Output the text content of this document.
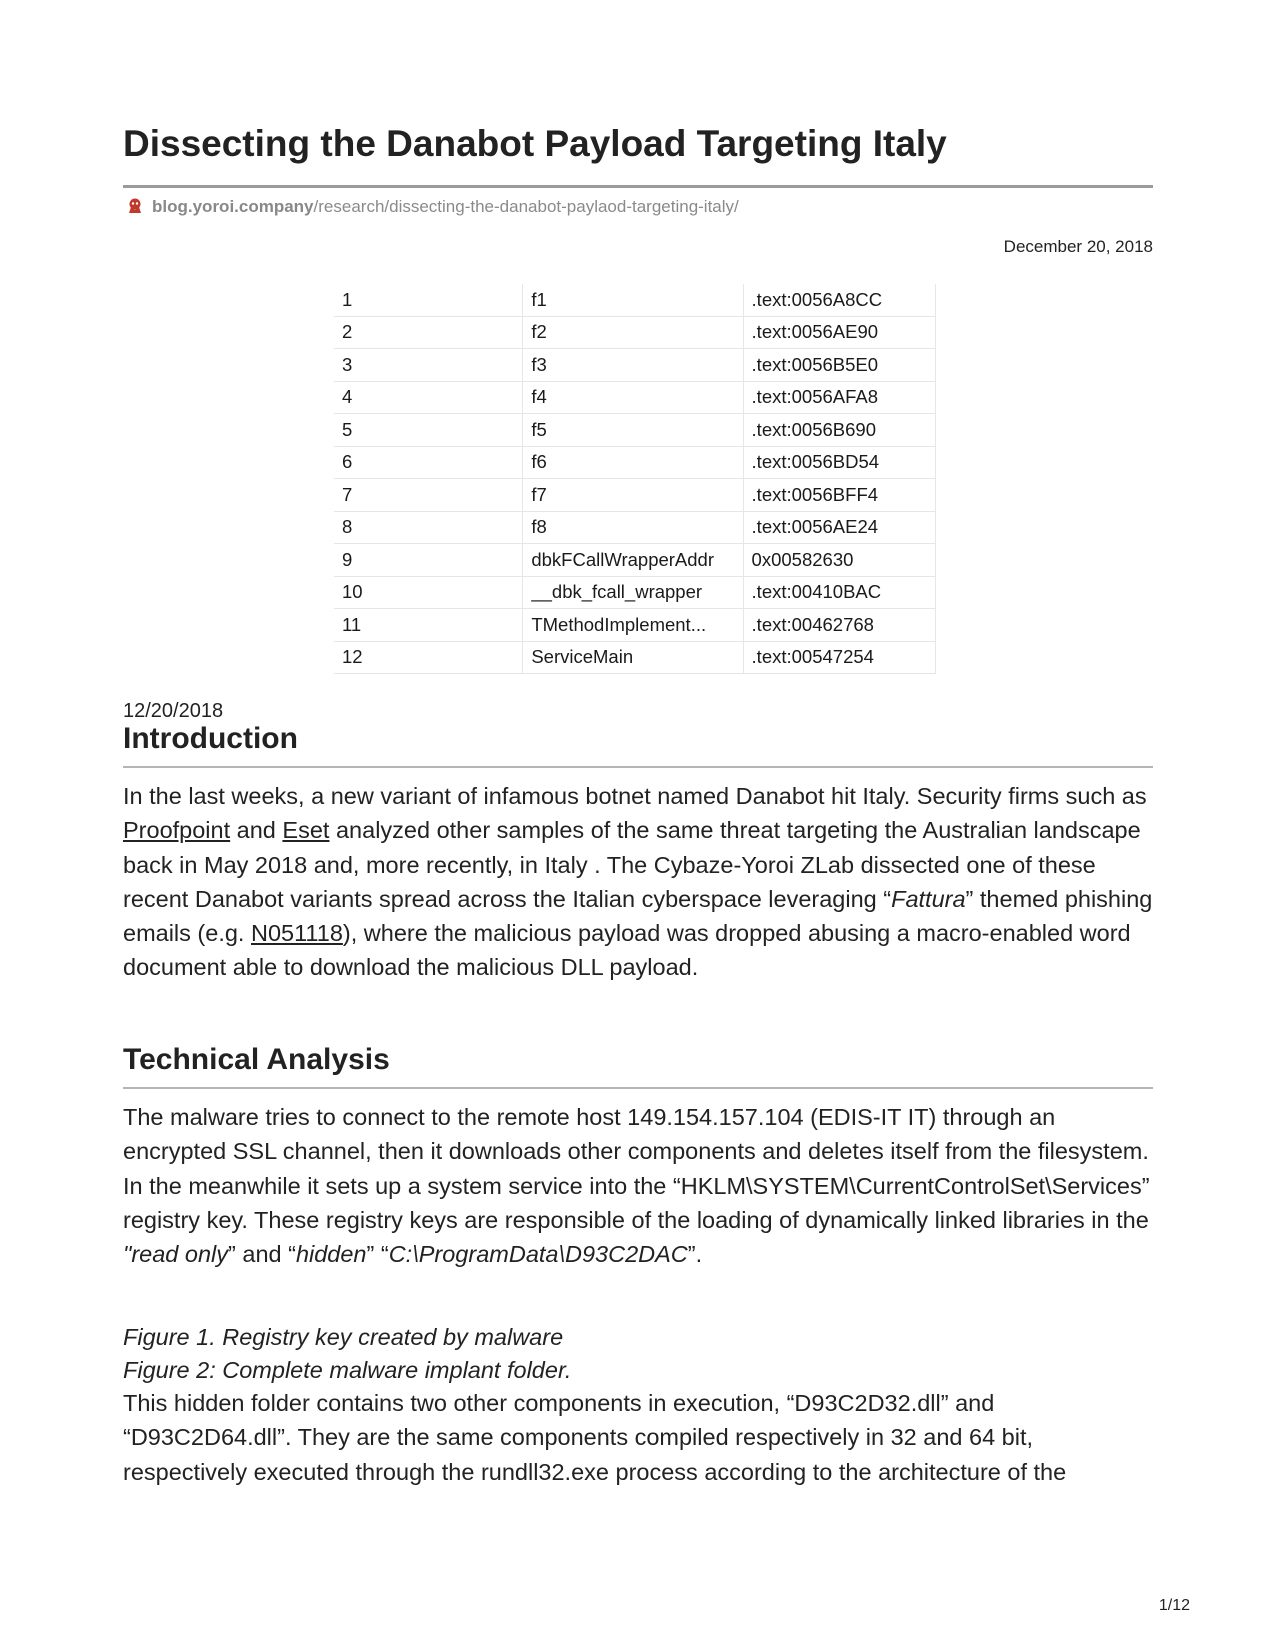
Dissecting the Danabot Payload Targeting Italy
blog.yoroi.company/research/dissecting-the-danabot-paylaod-targeting-italy/
December 20, 2018
1	f1	.text:0056A8CC
2	f2	.text:0056AE90
3	f3	.text:0056B5E0
4	f4	.text:0056AFA8
5	f5	.text:0056B690
6	f6	.text:0056BD54
7	f7	.text:0056BFF4
8	f8	.text:0056AE24
9	dbkFCallWrapperAddr	0x00582630
10	__dbk_fcall_wrapper	.text:00410BAC
11	TMethodImplement...	.text:00462768
12	ServiceMain	.text:00547254
12/20/2018
Introduction

In the last weeks, a new variant of infamous botnet named Danabot hit Italy. Security firms such as Proofpoint and Eset analyzed other samples of the same threat targeting the Australian landscape back in May 2018 and, more recently, in Italy . The Cybaze-Yoroi ZLab dissected one of these recent Danabot variants spread across the Italian cyberspace leveraging “Fattura” themed phishing emails (e.g. N051118), where the malicious payload was dropped abusing a macro-enabled word document able to download the malicious DLL payload.

Technical Analysis

The malware tries to connect to the remote host 149.154.157.104 (EDIS-IT IT) through an encrypted SSL channel, then it downloads other components and deletes itself from the filesystem. In the meanwhile it sets up a system service into the “HKLM\SYSTEM\CurrentControlSet\Services” registry key. These registry keys are responsible of the loading of dynamically linked libraries in the "read only” and “hidden” “C:\ProgramData\D93C2DAC”.

Figure 1. Registry key created by malware

Figure 2: Complete malware implant folder.

This hidden folder contains two other components in execution, “D93C2D32.dll” and “D93C2D64.dll”. They are the same components compiled respectively in 32 and 64 bit, respectively executed through the rundll32.exe process according to the architecture of the

1/12
